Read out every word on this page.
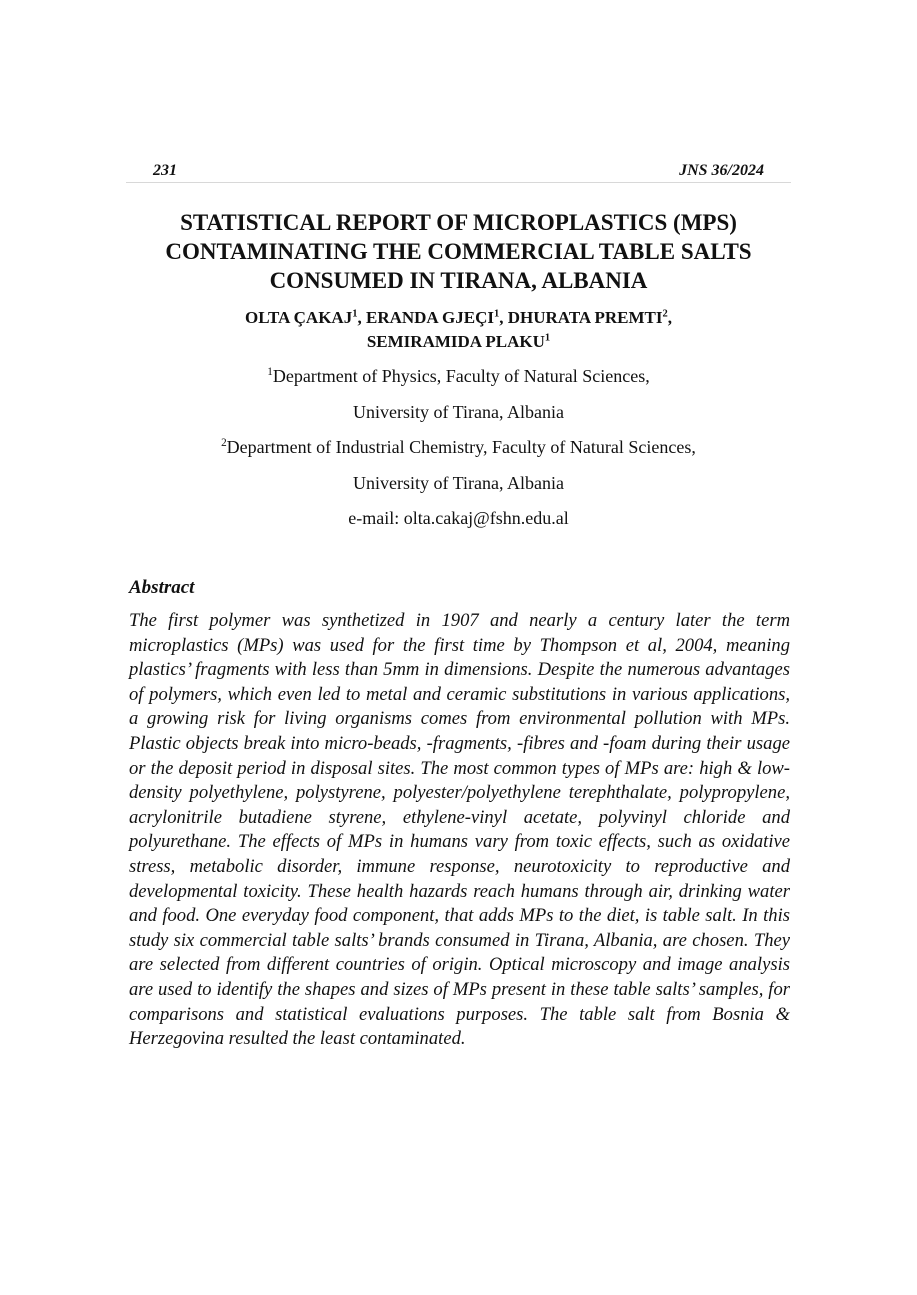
231	JNS 36/2024
STATISTICAL REPORT OF MICROPLASTICS (MPS)
CONTAMINATING THE COMMERCIAL TABLE SALTS
CONSUMED IN TIRANA, ALBANIA
OLTA ÇAKAJ$^1$, ERANDA GJEÇI$^1$, DHURATA PREMTI$^2$,
SEMIRAMIDA PLAKU$^1$
$^1$Department of Physics, Faculty of Natural Sciences,
University of Tirana, Albania
$^2$Department of Industrial Chemistry, Faculty of Natural Sciences,
University of Tirana, Albania
e-mail: olta.cakaj@fshn.edu.al
Abstract

The first polymer was synthetized in 1907 and nearly a century later the term microplastics (MPs) was used for the first time by Thompson et al, 2004, meaning plastics’ fragments with less than 5mm in dimensions. Despite the numerous advantages of polymers, which even led to metal and ceramic substitutions in various applications, a growing risk for living organisms comes from environmental pollution with MPs. Plastic objects break into micro-beads, -fragments, -fibres and -foam during their usage or the deposit period in disposal sites. The most common types of MPs are: high & low-density polyethylene, polystyrene, polyester/polyethylene terephthalate, polypropylene, acrylonitrile butadiene styrene, ethylene-vinyl acetate, polyvinyl chloride and polyurethane. The effects of MPs in humans vary from toxic effects, such as oxidative stress, metabolic disorder, immune response, neurotoxicity to reproductive and developmental toxicity. These health hazards reach humans through air, drinking water and food. One everyday food component, that adds MPs to the diet, is table salt. In this study six commercial table salts’ brands consumed in Tirana, Albania, are chosen. They are selected from different countries of origin. Optical microscopy and image analysis are used to identify the shapes and sizes of MPs present in these table salts’ samples, for comparisons and statistical evaluations purposes. The table salt from Bosnia & Herzegovina resulted the least contaminated.
